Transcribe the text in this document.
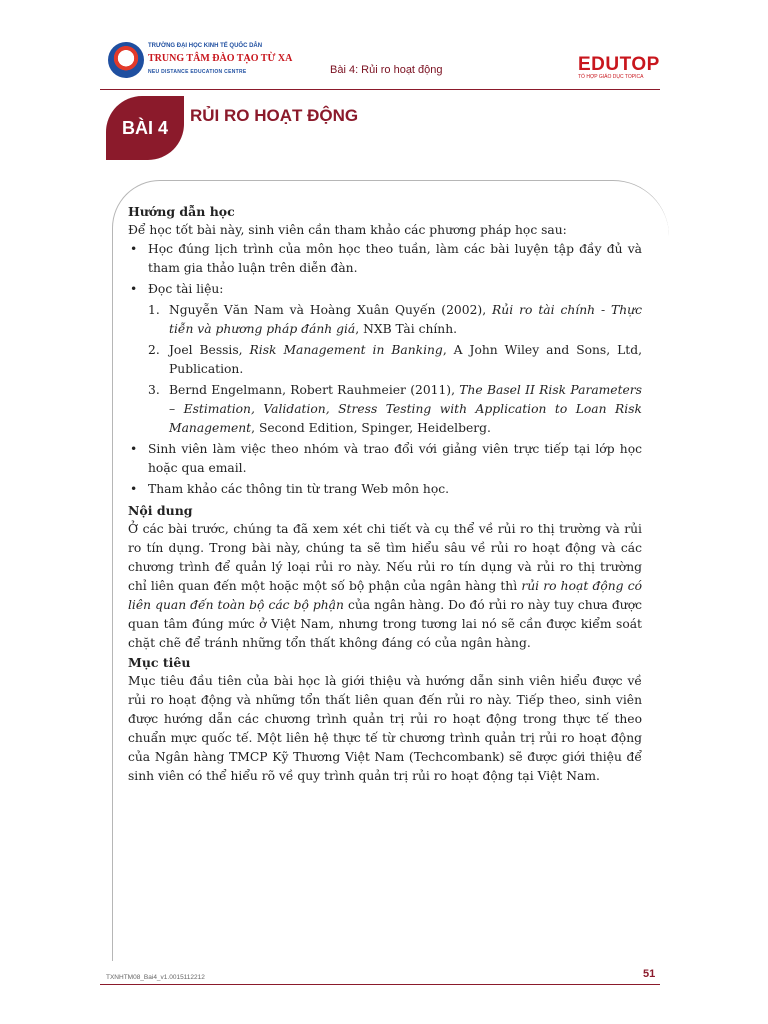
TRƯỜNG ĐẠI HỌC KINH TẾ QUỐC DÂN
TRUNG TÂM ĐÀO TẠO TỪ XA
NEU DISTANCE EDUCATION CENTRE	Bài 4: Rủi ro hoạt động	EDUTOP
TỔ HỢP GIÁO DỤC TOPICA
BÀI 4
RỦI RO HOẠT ĐỘNG
Hướng dẫn học

Để học tốt bài này, sinh viên cần tham khảo các phương pháp học sau:

• Học đúng lịch trình của môn học theo tuần, làm các bài luyện tập đầy đủ và tham gia thảo luận trên diễn đàn.
• Đọc tài liệu:
1. Nguyễn Văn Nam và Hoàng Xuân Quyến (2002), Rủi ro tài chính - Thực tiễn và phương pháp đánh giá, NXB Tài chính.
2. Joel Bessis, Risk Management in Banking, A John Wiley and Sons, Ltd, Publication.
3. Bernd Engelmann, Robert Rauhmeier (2011), The Basel II Risk Parameters – Estimation, Validation, Stress Testing with Application to Loan Risk Management, Second Edition, Spinger, Heidelberg.
• Sinh viên làm việc theo nhóm và trao đổi với giảng viên trực tiếp tại lớp học hoặc qua email.
• Tham khảo các thông tin từ trang Web môn học.
Nội dung

Ở các bài trước, chúng ta đã xem xét chi tiết và cụ thể về rủi ro thị trường và rủi ro tín dụng. Trong bài này, chúng ta sẽ tìm hiểu sâu về rủi ro hoạt động và các chương trình để quản lý loại rủi ro này. Nếu rủi ro tín dụng và rủi ro thị trường chỉ liên quan đến một hoặc một số bộ phận của ngân hàng thì rủi ro hoạt động có liên quan đến toàn bộ các bộ phận của ngân hàng. Do đó rủi ro này tuy chưa được quan tâm đúng mức ở Việt Nam, nhưng trong tương lai nó sẽ cần được kiểm soát chặt chẽ để tránh những tổn thất không đáng có của ngân hàng.

Mục tiêu

Mục tiêu đầu tiên của bài học là giới thiệu và hướng dẫn sinh viên hiểu được về rủi ro hoạt động và những tổn thất liên quan đến rủi ro này. Tiếp theo, sinh viên được hướng dẫn các chương trình quản trị rủi ro hoạt động trong thực tế theo chuẩn mực quốc tế. Một liên hệ thực tế từ chương trình quản trị rủi ro hoạt động của Ngân hàng TMCP Kỹ Thương Việt Nam (Techcombank) sẽ được giới thiệu để sinh viên có thể hiểu rõ về quy trình quản trị rủi ro hoạt động tại Việt Nam.

TXNHTM08_Bai4_v1.0015112212	51
